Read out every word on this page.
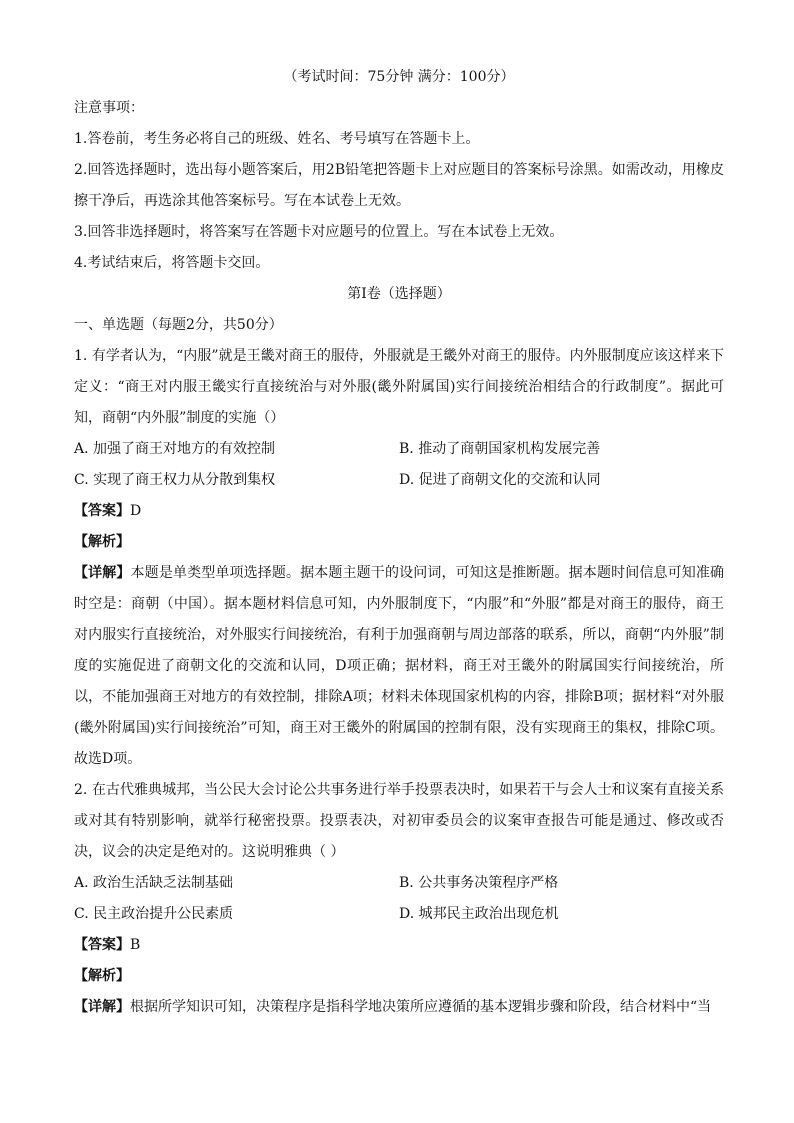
（考试时间：75分钟 满分：100分）
注意事项：
1.答卷前，考生务必将自己的班级、姓名、考号填写在答题卡上。
2.回答选择题时，选出每小题答案后，用2B铅笔把答题卡上对应题目的答案标号涂黑。如需改动，用橡皮擦干净后，再选涂其他答案标号。写在本试卷上无效。
3.回答非选择题时，将答案写在答题卡对应题号的位置上。写在本试卷上无效。
4.考试结束后，将答题卡交回。
第Ⅰ卷（选择题）
一、单选题（每题2分，共50分）
1. 有学者认为，“内服”就是王畿对商王的服侍，外服就是王畿外对商王的服侍。内外服制度应该这样来下定义：“商王对内服王畿实行直接统治与对外服(畿外附属国)实行间接统治相结合的行政制度”。据此可知，商朝“内外服”制度的实施（）
A. 加强了商王对地方的有效控制	B. 推动了商朝国家机构发展完善
C. 实现了商王权力从分散到集权	D. 促进了商朝文化的交流和认同
【答案】D
【解析】
【详解】本题是单类型单项选择题。据本题主题干的设问词，可知这是推断题。据本题时间信息可知准确时空是：商朝（中国）。据本题材料信息可知，内外服制度下，“内服”和“外服”都是对商王的服侍，商王对内服实行直接统治，对外服实行间接统治，有利于加强商朝与周边部落的联系，所以，商朝“内外服”制度的实施促进了商朝文化的交流和认同，D项正确；据材料，商王对王畿外的附属国实行间接统治，所以，不能加强商王对地方的有效控制，排除A项；材料未体现国家机构的内容，排除B项；据材料“对外服(畿外附属国)实行间接统治”可知，商王对王畿外的附属国的控制有限，没有实现商王的集权，排除C项。故选D项。
2. 在古代雅典城邦，当公民大会讨论公共事务进行举手投票表决时，如果若干与会人士和议案有直接关系或对其有特别影响，就举行秘密投票。投票表决，对初审委员会的议案审查报告可能是通过、修改或否决，议会的决定是绝对的。这说明雅典（ ）
A. 政治生活缺乏法制基础	B. 公共事务决策程序严格
C. 民主政治提升公民素质	D. 城邦民主政治出现危机
【答案】B
【解析】
【详解】根据所学知识可知，决策程序是指科学地决策所应遵循的基本逻辑步骤和阶段，结合材料中“当
